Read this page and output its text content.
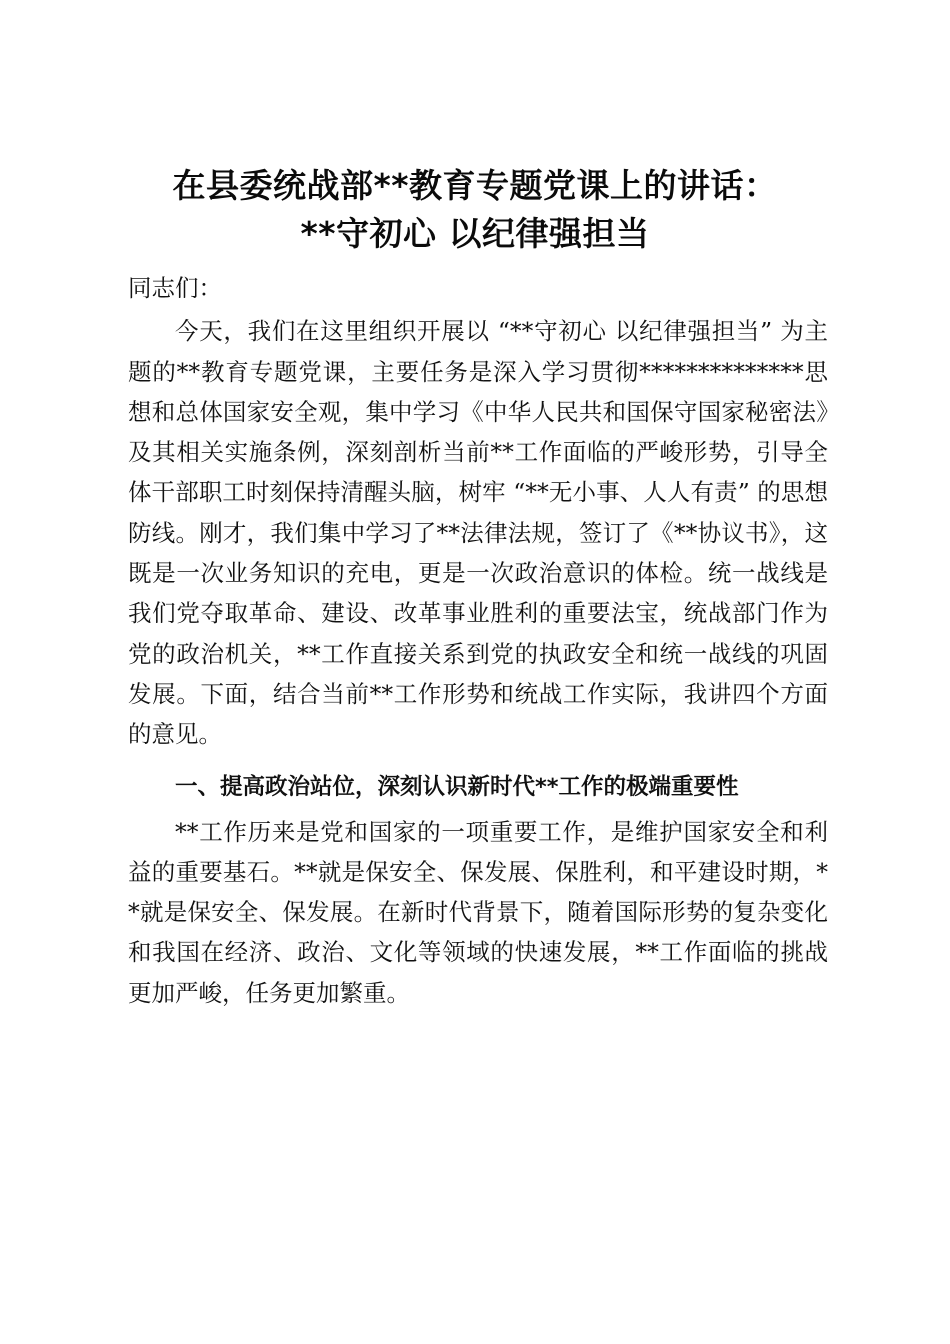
在县委统战部**教育专题党课上的讲话：
**守初心 以纪律强担当

同志们：

今天，我们在这里组织开展以 “**守初心 以纪律强担当” 为主题的**教育专题党课，主要任务是深入学习贯彻**************思想和总体国家安全观，集中学习《中华人民共和国保守国家秘密法》及其相关实施条例，深刻剖析当前**工作面临的严峻形势，引导全体干部职工时刻保持清醒头脑，树牢 “**无小事、人人有责” 的思想防线。刚才，我们集中学习了**法律法规，签订了《**协议书》，这既是一次业务知识的充电，更是一次政治意识的体检。统一战线是我们党夺取革命、建设、改革事业胜利的重要法宝，统战部门作为党的政治机关，**工作直接关系到党的执政安全和统一战线的巩固发展。下面，结合当前**工作形势和统战工作实际，我讲四个方面的意见。

一、提高政治站位，深刻认识新时代**工作的极端重要性

**工作历来是党和国家的一项重要工作，是维护国家安全和利益的重要基石。**就是保安全、保发展、保胜利，和平建设时期，**就是保安全、保发展。在新时代背景下，随着国际形势的复杂变化和我国在经济、政治、文化等领域的快速发展，**工作面临的挑战更加严峻，任务更加繁重。
